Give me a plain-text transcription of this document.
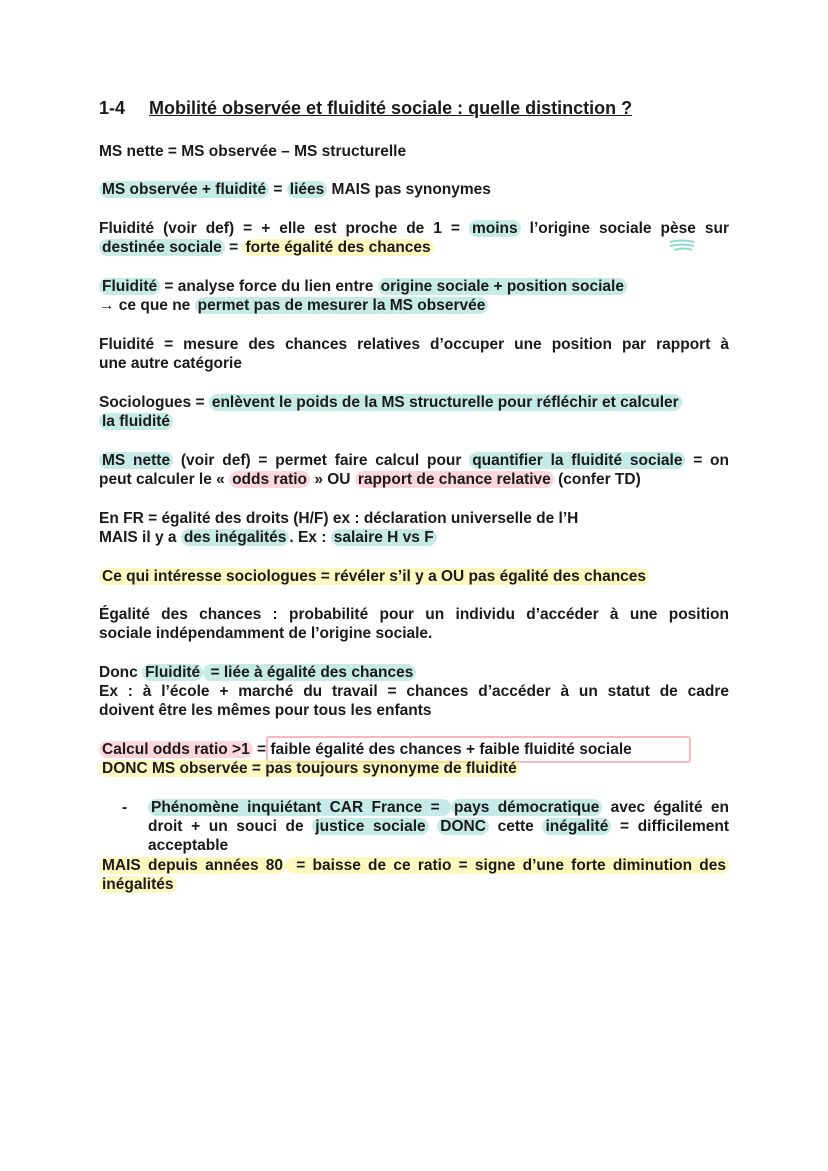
1-4 Mobilité observée et fluidité sociale : quelle distinction ?
MS nette = MS observée – MS structurelle
MS observée + fluidité = liées MAIS pas synonymes
Fluidité (voir def) = + elle est proche de 1 = moins l’origine sociale pèse sur
destinée sociale = forte égalité des chances
Fluidité = analyse force du lien entre origine sociale + position sociale
→ ce que ne permet pas de mesurer la MS observée
Fluidité = mesure des chances relatives d’occuper une position par rapport à
une autre catégorie
Sociologues = enlèvent le poids de la MS structurelle pour réfléchir et calculer
la fluidité
MS nette (voir def) = permet faire calcul pour quantifier la fluidité sociale = on
peut calculer le « odds ratio » OU rapport de chance relative (confer TD)
En FR = égalité des droits (H/F) ex : déclaration universelle de l’H
MAIS il y a des inégalités . Ex : salaire H vs F
Ce qui intéresse sociologues = révéler s’il y a OU pas égalité des chances
Égalité des chances : probabilité pour un individu d’accéder à une position
sociale indépendamment de l’origine sociale.
Donc Fluidité = liée à égalité des chances
Ex : à l’école + marché du travail = chances d’accéder à un statut de cadre
doivent être les mêmes pour tous les enfants
Calcul odds ratio >1 = faible égalité des chances + faible fluidité sociale
DONC MS observée = pas toujours synonyme de fluidité
- Phénomène inquiétant CAR France = pays démocratique avec égalité en
droit + un souci de justice sociale DONC cette inégalité = difficilement
acceptable
MAIS depuis années 80 = baisse de ce ratio = signe d’une forte diminution des
inégalités
